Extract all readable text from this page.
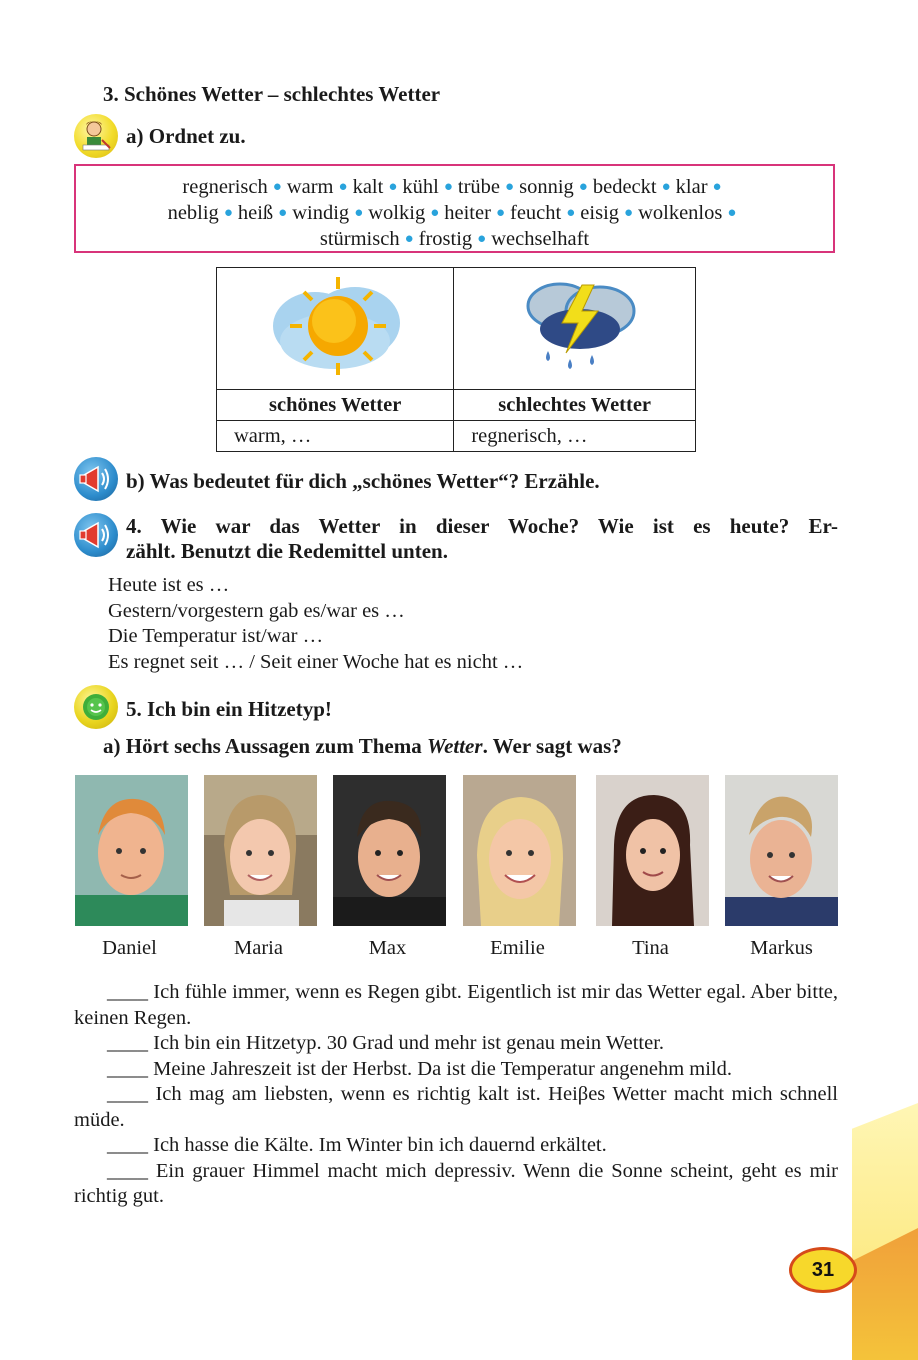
3. Schönes Wetter – schlechtes Wetter
a) Ordnet zu.
regnerisch ● warm ● kalt ● kühl ● trübe ● sonnig ● bedeckt ● klar ●
neblig ● heiß ● windig ● wolkig ● heiter ● feucht ● eisig ● wolkenlos ●
stürmisch ● frostig ● wechselhaft

schönes Wetter	schlechtes Wetter
warm, …	regnerisch, …
b) Was bedeutet für dich „schönes Wetter“? Erzähle.
4. Wie war das Wetter in dieser Woche? Wie ist es heute? Er-
zählt. Benutzt die Redemittel unten.
Heute ist es …
Gestern/vorgestern gab es/war es …
Die Temperatur ist/war …
Es regnet seit … / Seit einer Woche hat es nicht …
5. Ich bin ein Hitzetyp!
a) Hört sechs Aussagen zum Thema Wetter. Wer sagt was?
Daniel	Maria	Max	Emilie	Tina	Markus
____ Ich fühle immer, wenn es Regen gibt. Eigentlich ist mir das Wetter egal. Aber bitte, keinen Regen.
____ Ich bin ein Hitzetyp. 30 Grad und mehr ist genau mein Wetter.
____ Meine Jahreszeit ist der Herbst. Da ist die Temperatur angenehm mild.
____ Ich mag am liebsten, wenn es richtig kalt ist. Heiβes Wetter macht mich schnell müde.
____ Ich hasse die Kälte. Im Winter bin ich dauernd erkältet.
____ Ein grauer Himmel macht mich depressiv. Wenn die Sonne scheint, geht es mir richtig gut.
31
